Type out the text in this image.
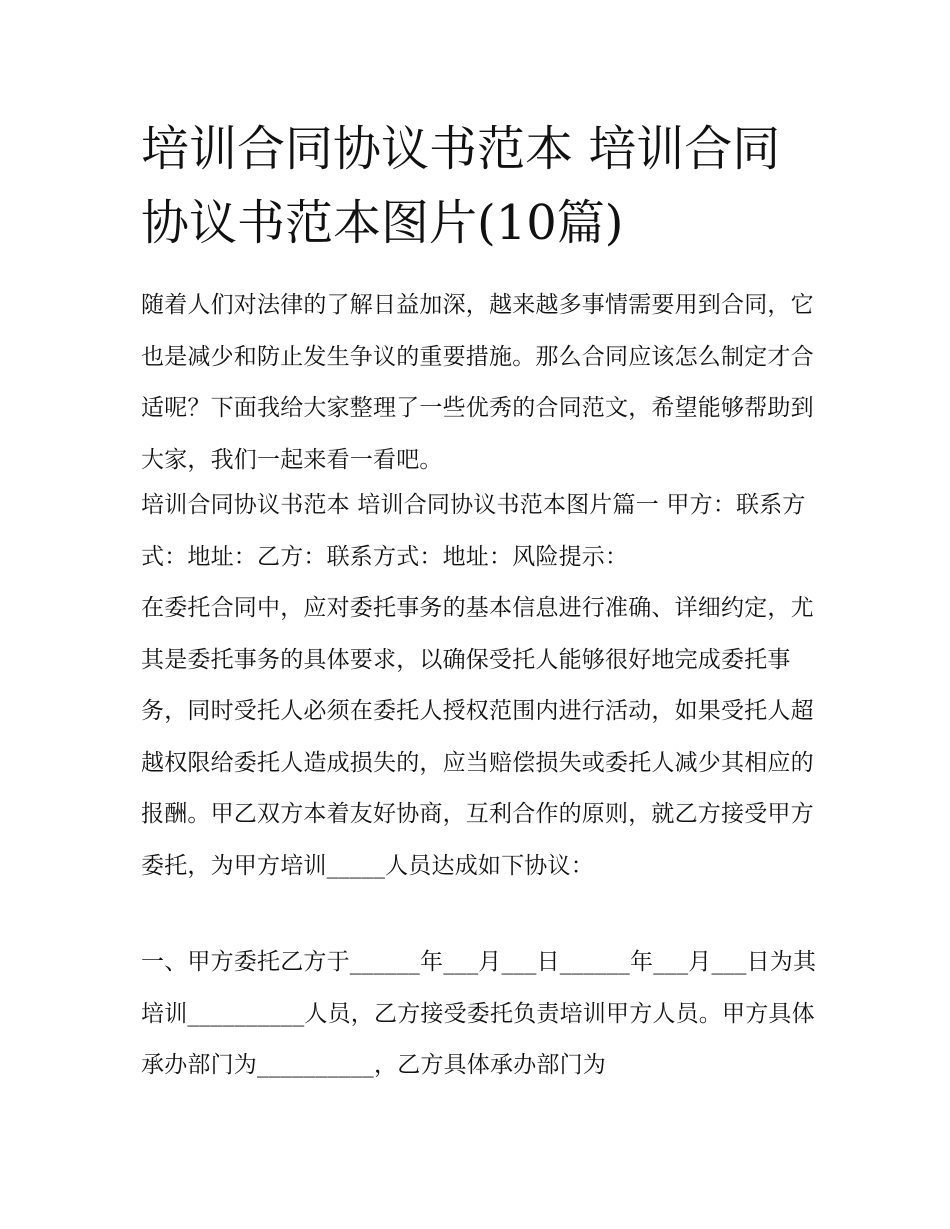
培训合同协议书范本 培训合同协议书范本图片(10篇)

随着人们对法律的了解日益加深，越来越多事情需要用到合同，它也是减少和防止发生争议的重要措施。那么合同应该怎么制定才合适呢？下面我给大家整理了一些优秀的合同范文，希望能够帮助到大家，我们一起来看一看吧。

培训合同协议书范本 培训合同协议书范本图片篇一 甲方：联系方式：地址：乙方：联系方式：地址：风险提示：

在委托合同中，应对委托事务的基本信息进行准确、详细约定，尤其是委托事务的具体要求，以确保受托人能够很好地完成委托事务，同时受托人必须在委托人授权范围内进行活动，如果受托人超越权限给委托人造成损失的，应当赔偿损失或委托人减少其相应的报酬。甲乙双方本着友好协商，互利合作的原则，就乙方接受甲方委托，为甲方培训_____人员达成如下协议：

一、甲方委托乙方于______年___月___日______年___月___日为其培训__________人员，乙方接受委托负责培训甲方人员。甲方具体承办部门为__________，乙方具体承办部门为
